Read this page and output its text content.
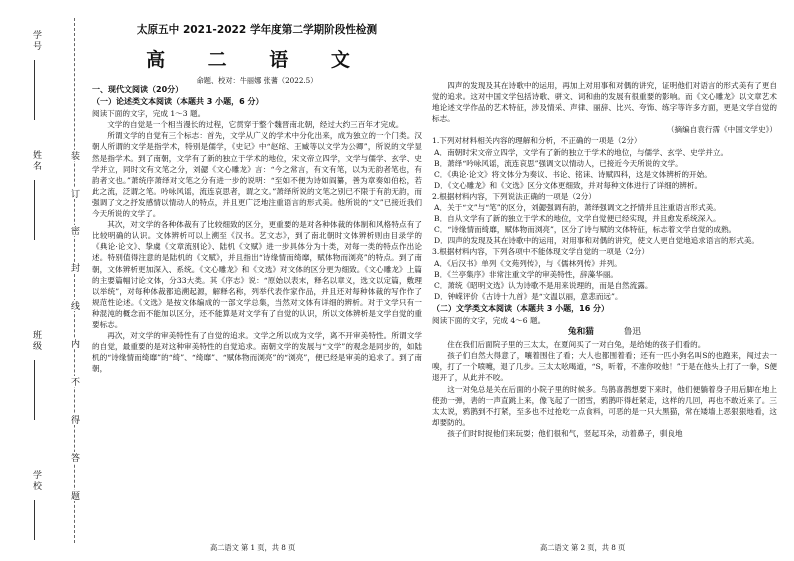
密
封
线
内
不
得
答
题
装
订
学号
姓名
班级
学校
太原五中 2021-2022 学年度第二学期阶段性检测
高 二 语 文
命题、校对：牛丽娜 张蓍（2022.5）
一、现代文阅读（20分）
（一）论述类文本阅读（本题共 3 小题，6 分）

阅读下面的文字，完成 1～3 题。

文学的自觉是一个相当漫长的过程，它贯穿于整个魏晋南北朝，经过大约三百年才完成。

所谓文学的自觉有三个标志：首先，文学从广义的学术中分化出来，成为独立的一个门类。汉朝人所谓的文学是指学术，特别是儒学，《史记》中“赵绾、王臧等以文学为公卿”，所说的文学显然是指学术。到了南朝，文学有了新的独立于学术的地位，宋文帝立四学，文学与儒学、玄学、史学并立，同时文有文笔之分，刘勰《文心雕龙》言：“今之常言，有文有笔，以为无韵者笔也，有韵者文也。”萧统序萧绎对文笔之分有进一步的说明：“至如不便为诗如阎纂，善为章奏如伯松，若此之流，泛谓之笔。吟咏风谣，流连哀思者，谓之文。”萧绎所说的文笔之别已不限于有韵无韵，而强调了文之抒发感情以情动人的特点，并且更广泛地注重语言的形式美。他所说的“文”已接近我们今天所说的文学了。

其次，对文学的各种体裁有了比较细致的区分，更重要的是对各种体裁的体制和风格特点有了比较明确的认识。文体辨析可以上溯至《汉书。艺文志》，到了南北朝时文体辨析则由目录学的《典论·论文》、挚虞《文章流别论》、陆机《文赋》进一步具体分为十类，对每一类的特点作出论述。特别值得注意的是陆机的《文赋》，并且指出“诗缘情而绮靡，赋体物而浏亮”的特点。到了南朝，文体辨析更加深入、系统。《文心雕龙》和《文选》对文体的区分更为细致。《文心雕龙》上篇的主要篇幅讨论文体，分33大类。其《序志》说：“原始以表末，释名以章义，选文以定篇，敷理以举统”，对每种体裁都追溯起源，解释名称，列举代表作家作品，并且还对每种体裁的写作作了规范性论述。《文选》是按文体编成的一部文学总集，当然对文体有详细的辨析。对于文学只有一种混沌的概念而不能加以区分，还不能算是对文学有了自觉的认识，所以文体辨析是文学自觉的重要标志。

再次，对文学的审美特性有了自觉的追求。文学之所以成为文学，离不开审美特性。所谓文学的自觉，最重要的是对这种审美特性的自觉追求。南朝文学的发展与“文学”的观念是同步的，如陆机的“诗缘情而绮靡”的“绮”、“绮靡”、“赋体物而浏亮”的“浏亮”，便已经是审美的追求了。到了南朝，

四声的发现及其在诗歌中的运用，再加上对用事和对偶的讲究，证明他们对语言的形式美有了更自觉的追求。这对中国文学包括诗歌、骈文、词和曲的发展有很重要的影响。而《文心雕龙》以文章艺术地论述文学作品的艺术特征，涉及情采、声律、丽辞、比兴、夸饰、练字等许多方面，更是文学自觉的标志。

（摘编自袁行霈《中国文学史》）

1.下列对材料相关内容的理解和分析，不正确的一项是（2分）

A．南朝时宋文帝立四学，文学有了新的独立于学术的地位，与儒学、玄学、史学并立。

B．萧绎“吟咏风谣，流连哀思”强调文以情动人，已接近今天所说的文学。

C．《典论·论文》将文体分为奏议、书论、铭诔、诗赋四科，这是文体辨析的开始。

D．《文心雕龙》和《文选》区分文体更细致，并对每种文体进行了详细的辨析。

2.根据材料内容，下列说法正确的一项是（2分）

A．关于“文”与“笔”的区分，刘勰强调有韵，萧绎强调文之抒情并且注重语言形式美。

B．自从文学有了新的独立于学术的地位，文学自觉便已经实现，并且愈发系统深入。

C．“诗缘情而绮靡，赋体物而浏亮”，区分了诗与赋的文体特征，标志着文学自觉的成熟。

D．四声的发现及其在诗歌中的运用，对用事和对偶的讲究，使文人更自觉地追求语言的形式美。

3.根据材料内容，下列各项中不能体现文学自觉的一项是（2分）

A．《后汉书》单列《文苑列传》，与《儒林列传》并列。

B．《兰亭集序》非常注重文学的审美特性，辞藻华丽。

C．萧统《昭明文选》认为诗歌不是用来说理的，而是自然流露。

D．钟嵘评价《古诗十九首》是“文温以丽，意悲而远”。

（二）文学类文本阅读（本题共 3 小题，16 分）

阅读下面的文字，完成 4～6 题。

兔和猫	鲁迅

住在我们后面院子里的三太太，在夏间买了一对白兔，是给她的孩子们看的。

孩子们自然大得意了，嚷着围住了看；大人也都围着看；还有一匹小狗名叫S的也跑来，闯过去一嗅，打了一个喷嚏，退了几步。三太太吆喝道，“S，听着，不准你咬他！”于是在他头上打了一拳，S便退开了，从此并不咬。

这一对兔总是关在后面的小院子里的时候多。鸟鹊喜鹊想要下来时，他们便躺着身子用后脚在地上使劲一弹，砉的一声直跳上来，像飞起了一团雪，鸦鹊吓得赶紧走，这样的几回，再也不敢近来了。三太太说，鸦鹊到不打紧，至多也不过抢吃一点食料，可恶的是一只大黑猫，常在矮墙上恶狠狠地看，这却要防的。

孩子们时时捉他们来玩耍；他们很和气，竖起耳朵，动着鼻子，驯良地

高二语文 第 1 页，共 8 页	高二语文 第 2 页，共 8 页
